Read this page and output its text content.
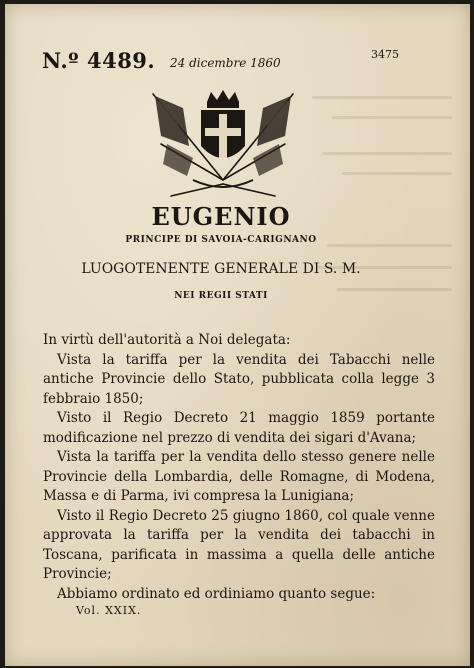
N.º 4489. 24 dicembre 1860
3475
EUGENIO
PRINCIPE DI SAVOIA-CARIGNANO
LUOGOTENENTE GENERALE DI S. M.
NEI REGII STATI

In virtù dell'autorità a Noi delegata:

Vista la tariffa per la vendita dei Tabacchi nelle antiche Provincie dello Stato, pubblicata colla legge 3 febbraio 1850;

Visto il Regio Decreto 21 maggio 1859 portante modificazione nel prezzo di vendita dei sigari d'Avana;

Vista la tariffa per la vendita dello stesso genere nelle Provincie della Lombardia, delle Romagne, di Modena, Massa e di Parma, ivi compresa la Lunigiana;

Visto il Regio Decreto 25 giugno 1860, col quale venne approvata la tariffa per la vendita dei tabacchi in Toscana, parificata in massima a quella delle antiche Provincie;

Abbiamo ordinato ed ordiniamo quanto segue:

Vol. XXIX.
